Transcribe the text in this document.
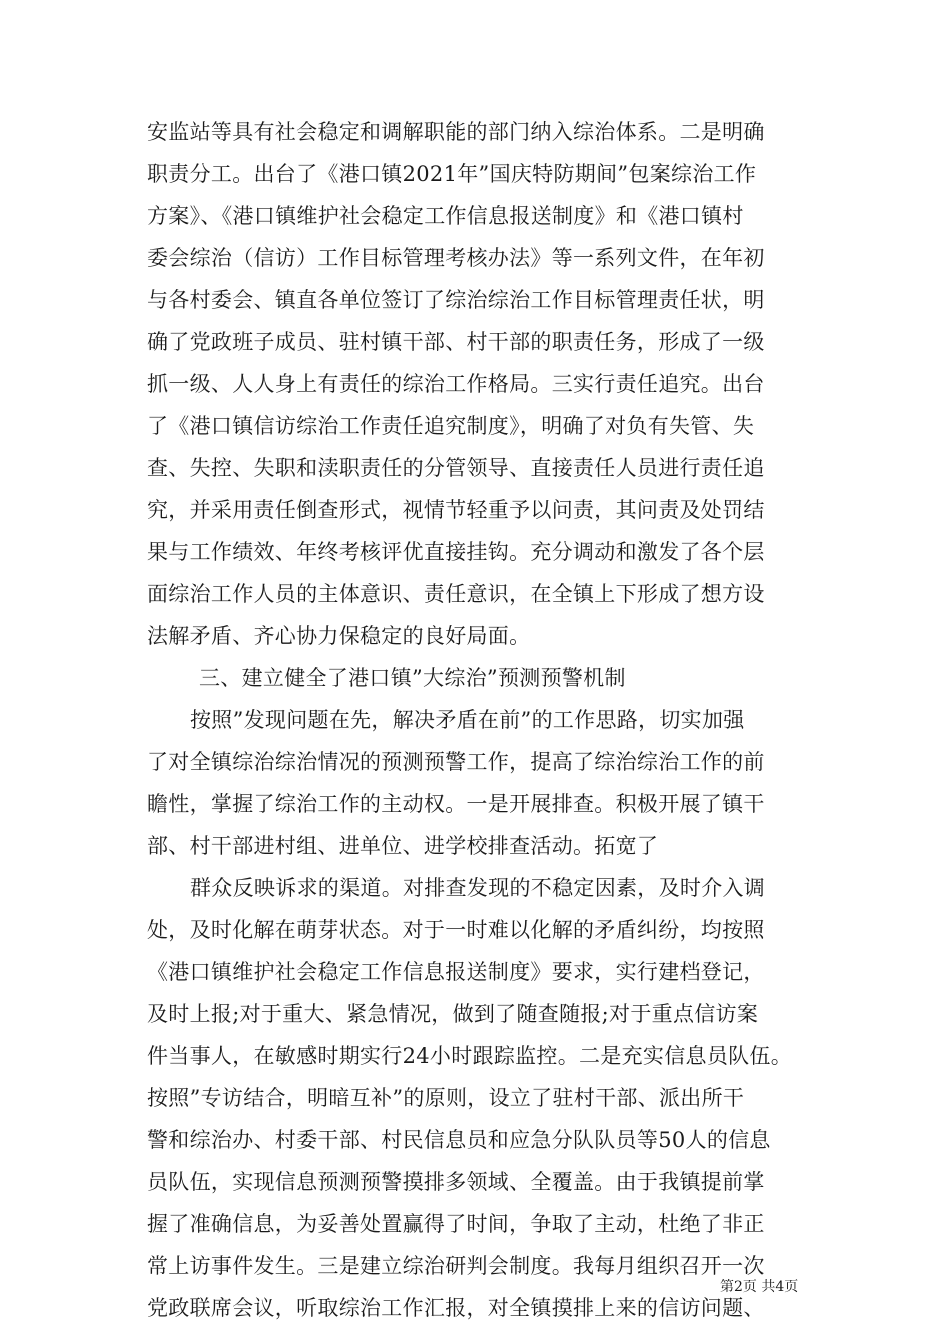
安监站等具有社会稳定和调解职能的部门纳入综治体系。二是明确
职责分工。出台了《港口镇2021年”国庆特防期间”包案综治工作
方案》、《港口镇维护社会稳定工作信息报送制度》和《港口镇村
委会综治（信访）工作目标管理考核办法》等一系列文件，在年初
与各村委会、镇直各单位签订了综治综治工作目标管理责任状，明
确了党政班子成员、驻村镇干部、村干部的职责任务，形成了一级
抓一级、人人身上有责任的综治工作格局。三实行责任追究。出台
了《港口镇信访综治工作责任追究制度》，明确了对负有失管、失
查、失控、失职和渎职责任的分管领导、直接责任人员进行责任追
究，并采用责任倒查形式，视情节轻重予以问责，其问责及处罚结
果与工作绩效、年终考核评优直接挂钩。充分调动和激发了各个层
面综治工作人员的主体意识、责任意识，在全镇上下形成了想方设
法解矛盾、齐心协力保稳定的良好局面。
三、建立健全了港口镇”大综治”预测预警机制
按照”发现问题在先，解决矛盾在前”的工作思路，切实加强
了对全镇综治综治情况的预测预警工作，提高了综治综治工作的前
瞻性，掌握了综治工作的主动权。一是开展排查。积极开展了镇干
部、村干部进村组、进单位、进学校排查活动。拓宽了
群众反映诉求的渠道。对排查发现的不稳定因素，及时介入调
处，及时化解在萌芽状态。对于一时难以化解的矛盾纠纷，均按照
《港口镇维护社会稳定工作信息报送制度》要求，实行建档登记，
及时上报;对于重大、紧急情况，做到了随查随报;对于重点信访案
件当事人，在敏感时期实行24小时跟踪监控。二是充实信息员队伍。
按照”专访结合，明暗互补”的原则，设立了驻村干部、派出所干
警和综治办、村委干部、村民信息员和应急分队队员等50人的信息
员队伍，实现信息预测预警摸排多领域、全覆盖。由于我镇提前掌
握了准确信息，为妥善处置赢得了时间，争取了主动，杜绝了非正
常上访事件发生。三是建立综治研判会制度。我每月组织召开一次
党政联席会议，听取综治工作汇报，对全镇摸排上来的信访问题、
第2页 共4页
